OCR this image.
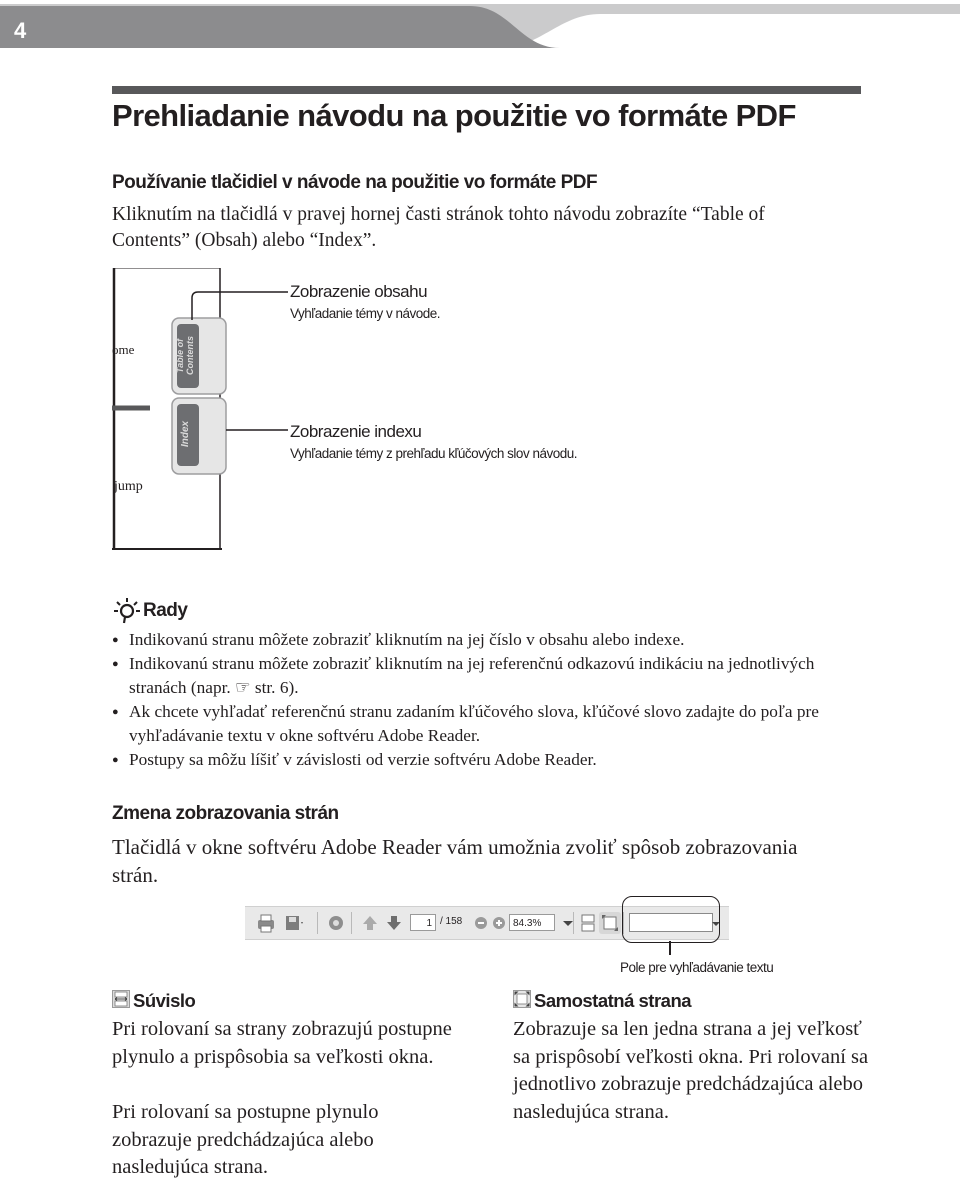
4
Prehliadanie návodu na použitie vo formáte PDF
Používanie tlačidiel v návode na použitie vo formáte PDF
Kliknutím na tlačidlá v pravej hornej časti stránok tohto návodu zobrazíte “Table of Contents” (Obsah) alebo “Index”.
ome
jump
Table of Contents
Index
Zobrazenie obsahu
Vyhľadanie témy v návode.
Zobrazenie indexu
Vyhľadanie témy z prehľadu kľúčových slov návodu.
Rady
● Indikovanú stranu môžete zobraziť kliknutím na jej číslo v obsahu alebo indexe.
● Indikovanú stranu môžete zobraziť kliknutím na jej referenčnú odkazovú indikáciu na jednotlivých stranách (napr. ☞ str. 6).
● Ak chcete vyhľadať referenčnú stranu zadaním kľúčového slova, kľúčové slovo zadajte do poľa pre vyhľadávanie textu v okne softvéru Adobe Reader.
● Postupy sa môžu líšiť v závislosti od verzie softvéru Adobe Reader.
Zmena zobrazovania strán
Tlačidlá v okne softvéru Adobe Reader vám umožnia zvoliť spôsob zobrazovania strán.
1 / 158	84.3%
Pole pre vyhľadávanie textu
Súvislo
Pri rolovaní sa strany zobrazujú postupne plynulo a prispôsobia sa veľkosti okna.
Pri rolovaní sa postupne plynulo zobrazuje predchádzajúca alebo nasledujúca strana.
Samostatná strana
Zobrazuje sa len jedna strana a jej veľkosť sa prispôsobí veľkosti okna. Pri rolovaní sa jednotlivo zobrazuje predchádzajúca alebo nasledujúca strana.
